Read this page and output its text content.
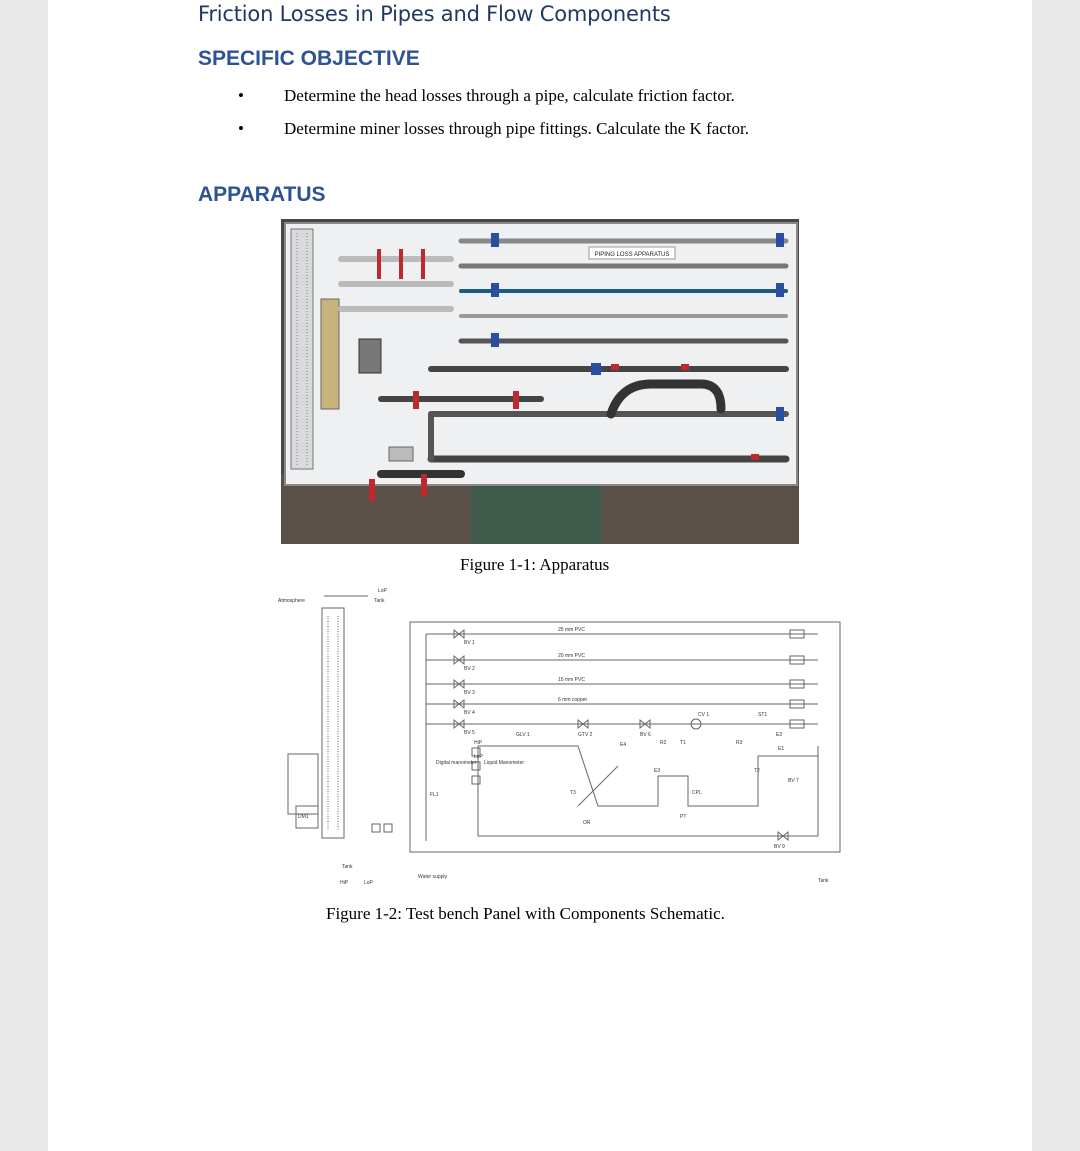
Friction Losses in Pipes and Flow Components
SPECIFIC OBJECTIVE
• Determine the head losses through a pipe, calculate friction factor.
• Determine miner losses through pipe fittings. Calculate the K factor.
APPARATUS
PIPING LOSS APPARATUS
Figure 1-1: Apparatus
Atmosphere	Tank
LoP
25 mm PVC
20 mm PVC
15 mm PVC
6 mm copper
BV 1
BV 2
BV 3
BV 4
BV 5	BV 6
BV 7
BV 9
GLV 1	GTV 2
CV 1	ST1
Digital manometer Liquid Manometer
FL1
DM1
OR
PT
CPL
E1
E2
E3
E4	R2	R3
T1
T2
T3
HiP
LoP
HiP	LoP
Water supply
Tank
Tank
Figure 1-2: Test bench Panel with Components Schematic.
